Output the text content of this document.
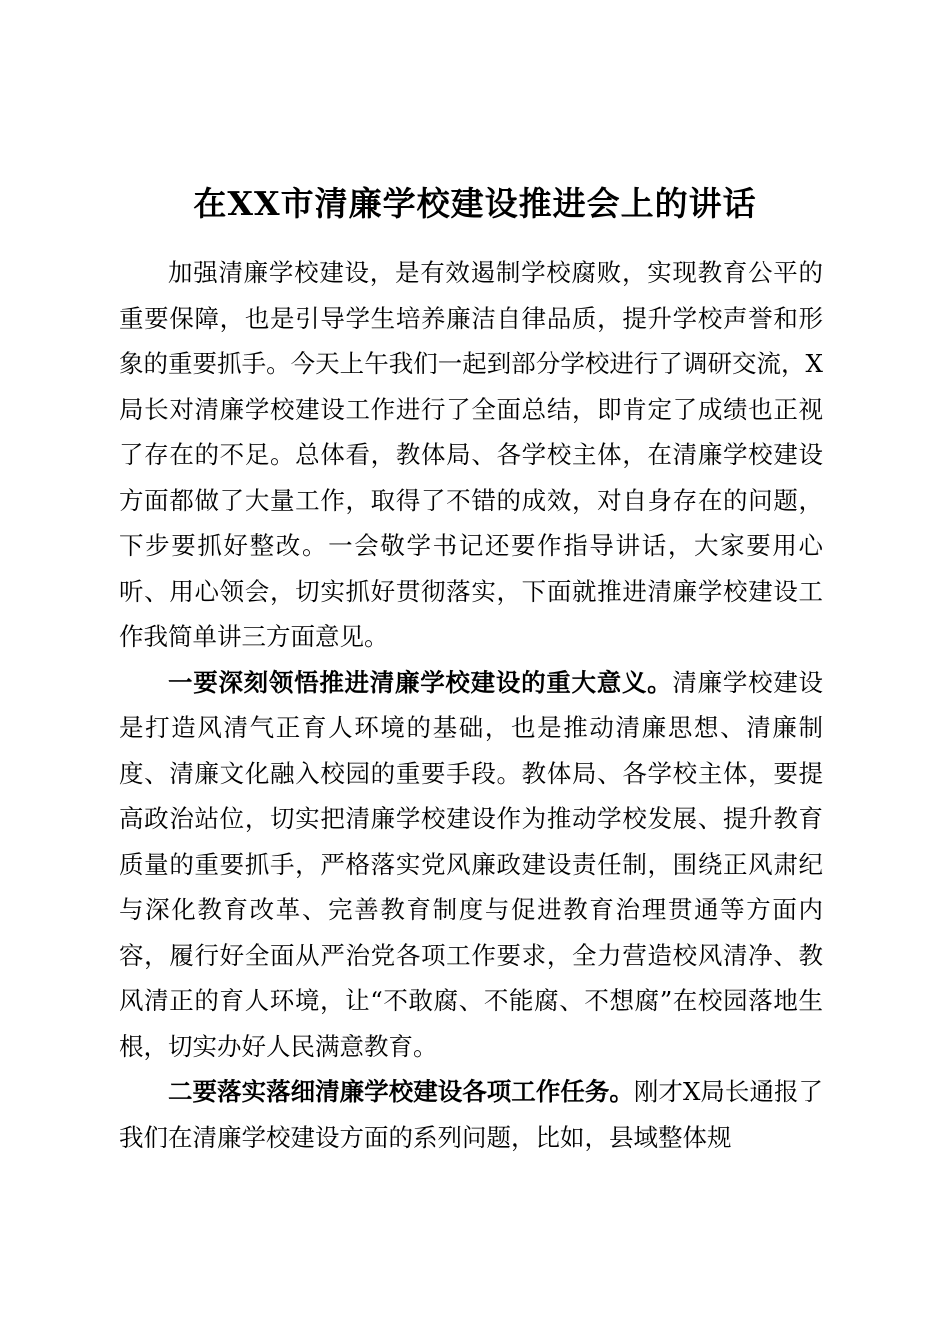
在XX市清廉学校建设推进会上的讲话

加强清廉学校建设，是有效遏制学校腐败，实现教育公平的重要保障，也是引导学生培养廉洁自律品质，提升学校声誉和形象的重要抓手。今天上午我们一起到部分学校进行了调研交流，X局长对清廉学校建设工作进行了全面总结，即肯定了成绩也正视了存在的不足。总体看，教体局、各学校主体，在清廉学校建设方面都做了大量工作，取得了不错的成效，对自身存在的问题，下步要抓好整改。一会敬学书记还要作指导讲话，大家要用心听、用心领会，切实抓好贯彻落实，下面就推进清廉学校建设工作我简单讲三方面意见。

一要深刻领悟推进清廉学校建设的重大意义。清廉学校建设是打造风清气正育人环境的基础，也是推动清廉思想、清廉制度、清廉文化融入校园的重要手段。教体局、各学校主体，要提高政治站位，切实把清廉学校建设作为推动学校发展、提升教育质量的重要抓手，严格落实党风廉政建设责任制，围绕正风肃纪与深化教育改革、完善教育制度与促进教育治理贯通等方面内容，履行好全面从严治党各项工作要求，全力营造校风清净、教风清正的育人环境，让“不敢腐、不能腐、不想腐”在校园落地生根，切实办好人民满意教育。

二要落实落细清廉学校建设各项工作任务。刚才X局长通报了我们在清廉学校建设方面的系列问题，比如，县域整体规
